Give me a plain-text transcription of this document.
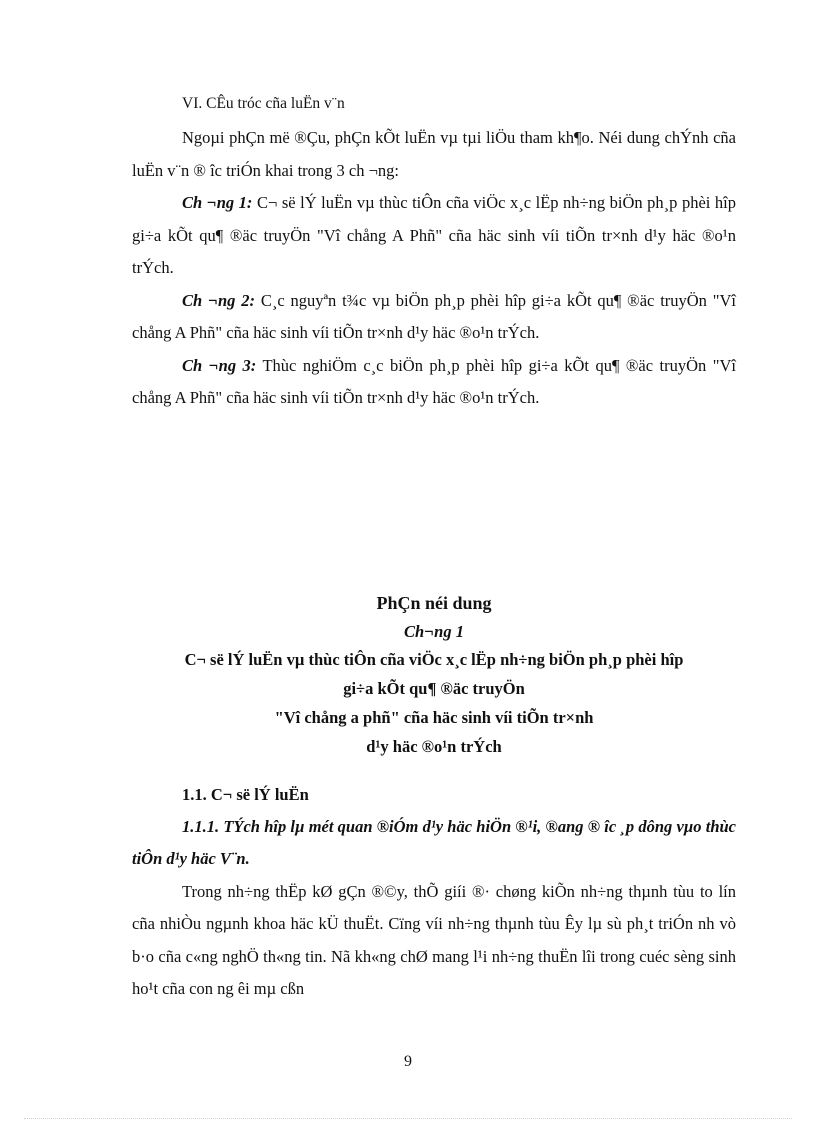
VI. CÊu tróc cña luËn v¨n

Ngoµi phÇn më ®Çu, phÇn kÕt luËn vµ tµi liÖu tham kh¶o. Néi dung chÝnh cña luËn v¨n ® îc triÓn khai trong 3 ch ¬ng:

Ch ¬ng 1: C¬ së lÝ luËn vµ thùc tiÔn cña viÖc x¸c lËp nh÷ng biÖn ph¸p phèi hîp gi÷a kÕt qu¶ ®äc truyÖn "Vî chång A Phñ" cña häc sinh víi tiÕn tr×nh d¹y häc ®o¹n trÝch.

Ch ¬ng 2: C¸c nguyªn t¾c vµ biÖn ph¸p phèi hîp gi÷a kÕt qu¶ ®äc truyÖn "Vî chång A Phñ" cña häc sinh víi tiÕn tr×nh d¹y häc ®o¹n trÝch.

Ch ¬ng 3: Thùc nghiÖm c¸c biÖn ph¸p phèi hîp gi÷a kÕt qu¶ ®äc truyÖn "Vî chång A Phñ" cña häc sinh víi tiÕn tr×nh d¹y häc ®o¹n trÝch.

PhÇn néi dung

Ch¬ng 1

C¬ së lÝ luËn vµ thùc tiÔn cña viÖc x¸c lËp nh÷ng biÖn ph¸p phèi hîp

gi÷a kÕt qu¶ ®äc truyÖn

"Vî chång a phñ" cña häc sinh víi tiÕn tr×nh

d¹y häc ®o¹n trÝch

1.1. C¬ së lÝ luËn

1.1.1. TÝch hîp lµ mét quan ®iÓm d¹y häc hiÖn ®¹i, ®ang ® îc ¸p dông vµo thùc tiÔn d¹y häc V¨n.

Trong nh÷ng thËp kØ gÇn ®©y, thÕ giíi ®· chøng kiÕn nh÷ng thµnh tùu to lín cña nhiÒu ngµnh khoa häc kÜ thuËt. Cïng víi nh÷ng thµnh tùu Êy lµ sù ph¸t triÓn nh vò b·o cña c«ng nghÖ th«ng tin. Nã kh«ng chØ mang l¹i nh÷ng thuËn lîi trong cuéc sèng sinh ho¹t cña con ng êi mµ cßn

9
